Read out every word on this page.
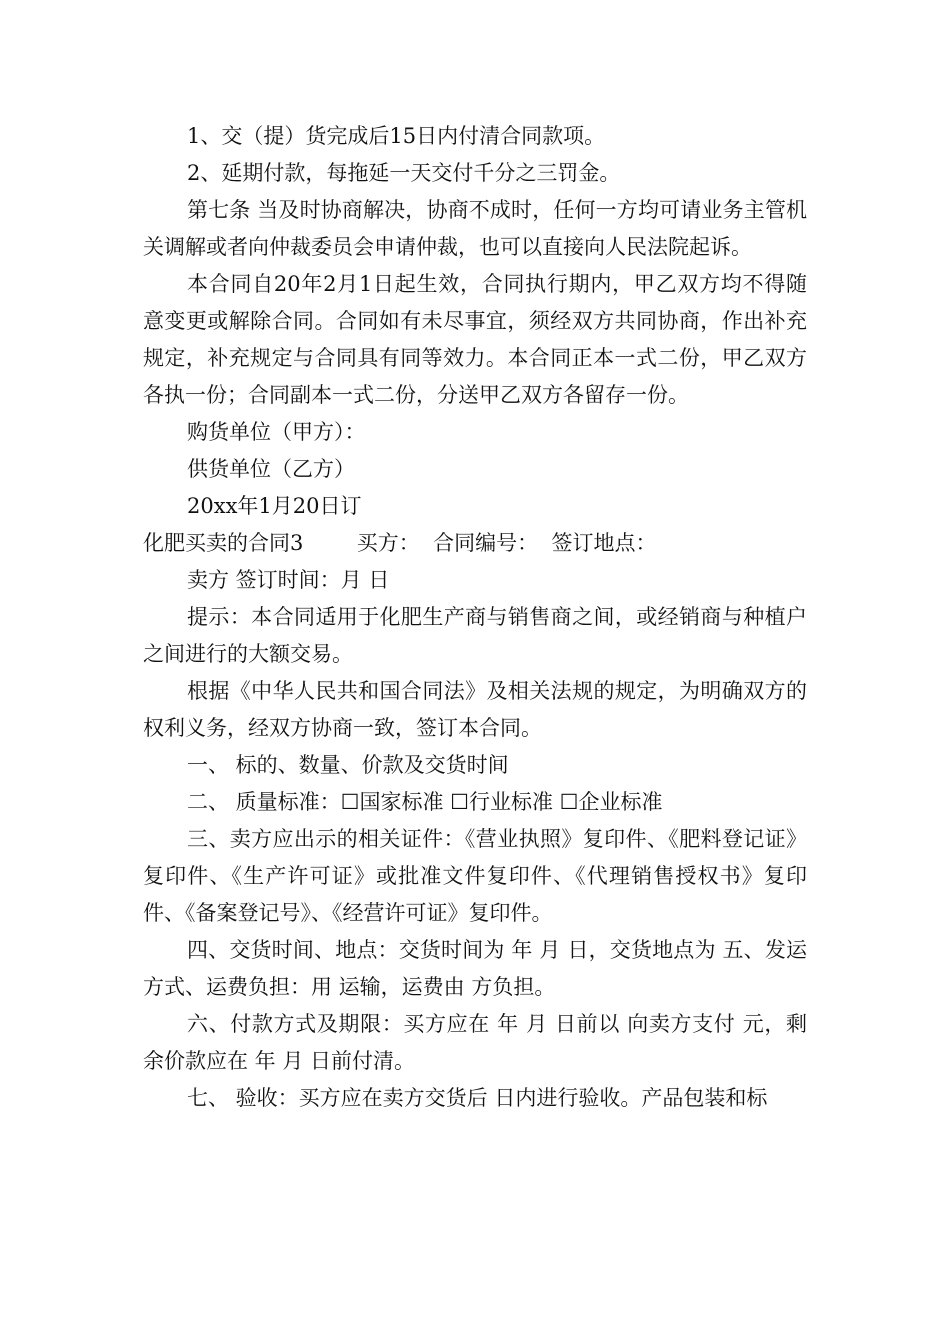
1、交（提）货完成后15日内付清合同款项。

2、延期付款，每拖延一天交付千分之三罚金。

第七条 当及时协商解决，协商不成时，任何一方均可请业务主管机关调解或者向仲裁委员会申请仲裁，也可以直接向人民法院起诉。

本合同自20年2月1日起生效，合同执行期内，甲乙双方均不得随意变更或解除合同。合同如有未尽事宜，须经双方共同协商，作出补充规定，补充规定与合同具有同等效力。本合同正本一式二份，甲乙双方各执一份；合同副本一式二份，分送甲乙双方各留存一份。

购货单位（甲方）：

供货单位（乙方）

20xx年1月20日订

化肥买卖的合同3        买方：  合同编号：  签订地点：

卖方 签订时间：月 日

提示：本合同适用于化肥生产商与销售商之间，或经销商与种植户之间进行的大额交易。

根据《中华人民共和国合同法》及相关法规的规定，为明确双方的权利义务，经双方协商一致，签订本合同。

一、 标的、数量、价款及交货时间

二、 质量标准：☐国家标准 ☐行业标准 ☐企业标准

三、卖方应出示的相关证件：《营业执照》复印件、《肥料登记证》复印件、《生产许可证》或批准文件复印件、《代理销售授权书》复印件、《备案登记号》、《经营许可证》复印件。

四、交货时间、地点：交货时间为 年 月 日，交货地点为 五、发运方式、运费负担：用 运输，运费由 方负担。

六、付款方式及期限：买方应在 年 月 日前以 向卖方支付 元，剩余价款应在 年 月 日前付清。

七、 验收：买方应在卖方交货后 日内进行验收。产品包装和标
